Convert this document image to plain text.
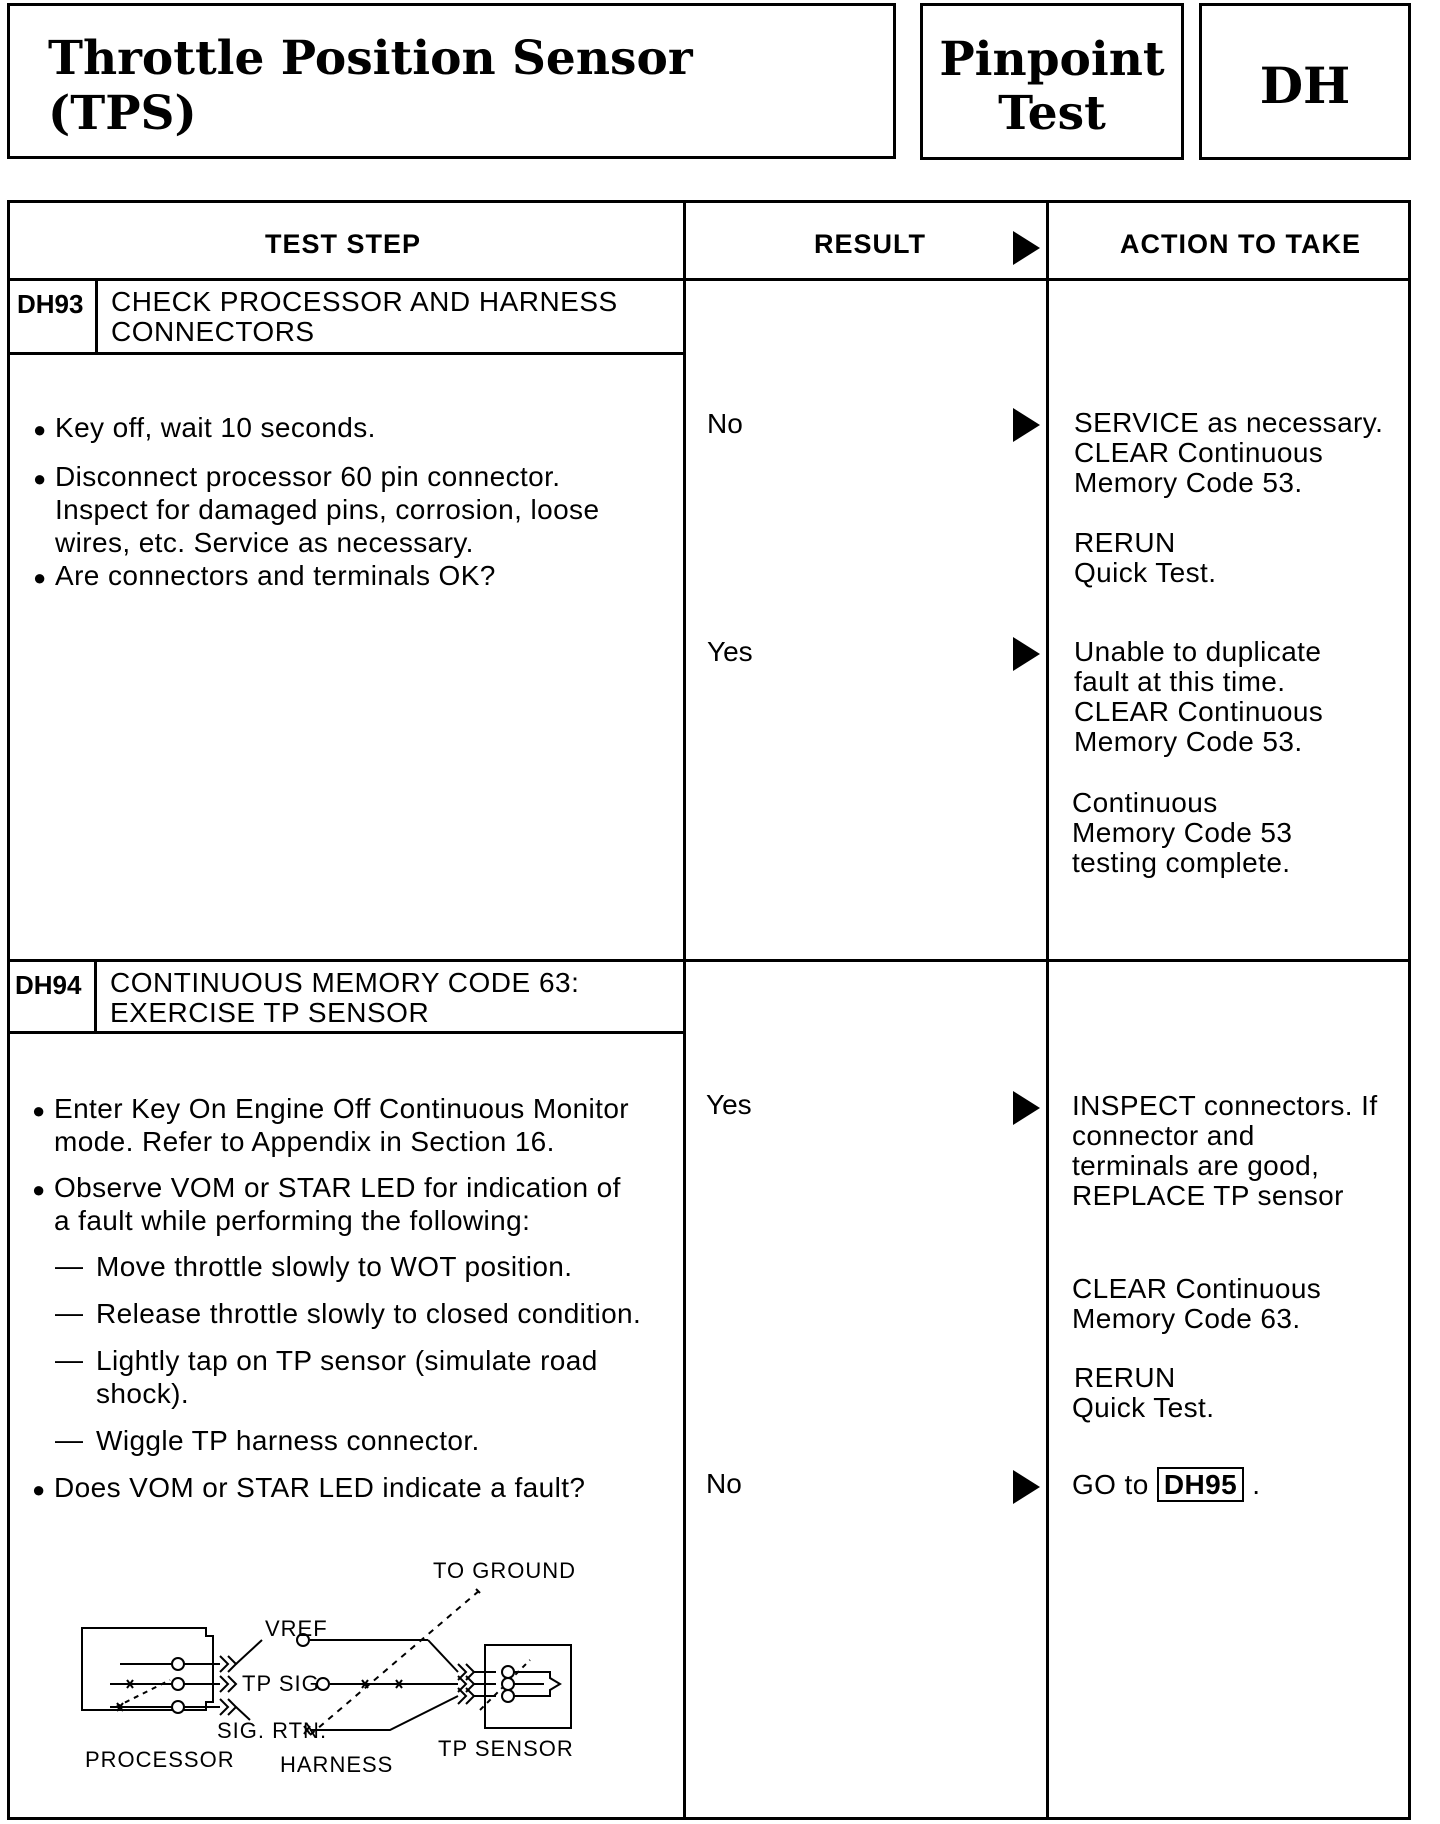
Throttle Position Sensor
(TPS)
Pinpoint
Test	DH
TEST STEP	RESULT	ACTION TO TAKE
DH93 CHECK PROCESSOR AND HARNESS
CONNECTORS
● Key off, wait 10 seconds.
● Disconnect processor 60 pin connector.
Inspect for damaged pins, corrosion, loose
wires, etc. Service as necessary.
● Are connectors and terminals OK?
No	SERVICE as necessary.
CLEAR Continuous
Memory Code 53.
RERUN
Quick Test.
Yes	Unable to duplicate
fault at this time.
CLEAR Continuous
Memory Code 53.
Continuous
Memory Code 53
testing complete.
DH94 CONTINUOUS MEMORY CODE 63:
EXERCISE TP SENSOR
● Enter Key On Engine Off Continuous Monitor
mode. Refer to Appendix in Section 16.
● Observe VOM or STAR LED for indication of
a fault while performing the following:
— Move throttle slowly to WOT position.
— Release throttle slowly to closed condition.
— Lightly tap on TP sensor (simulate road
shock).
— Wiggle TP harness connector.
● Does VOM or STAR LED indicate a fault?
Yes	INSPECT connectors. If
connector and
terminals are good,
REPLACE TP sensor
CLEAR Continuous
Memory Code 63.
RERUN
Quick Test.
No	GO to DH95 .
TO GROUND
VREF
TP SIG
SIG. RTN.
PROCESSOR HARNESS
TP SENSOR
